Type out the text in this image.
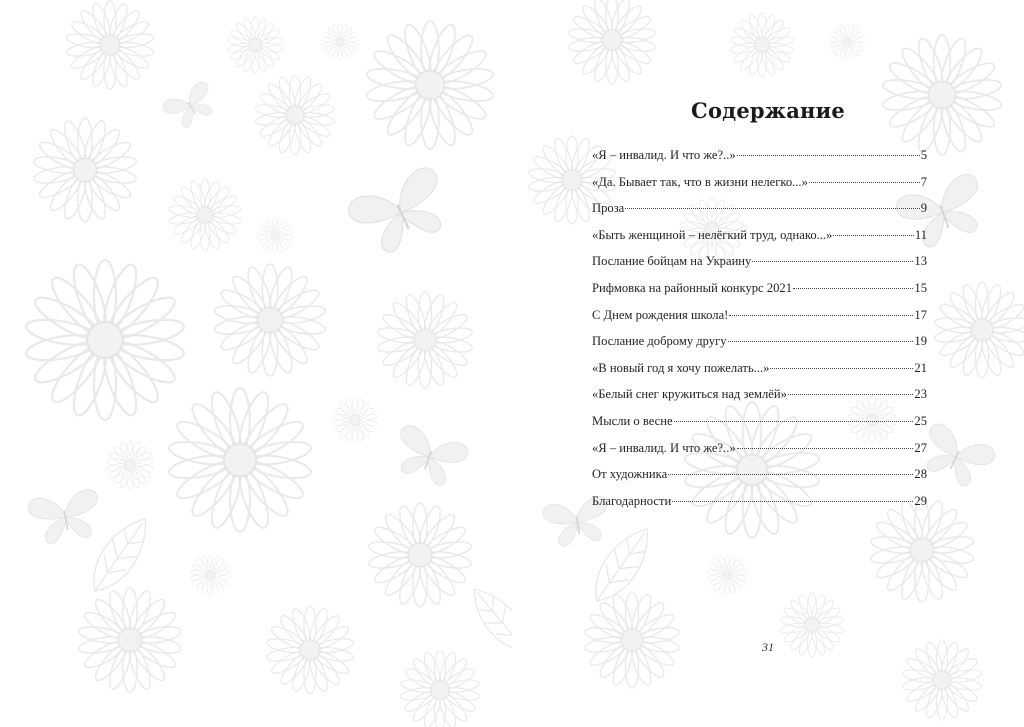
Содержание
«Я – инвалид. И что же?..»	5
«Да. Бывает так, что в жизни нелегко...»	7
Проза	9
«Быть женщиной – нелёгкий труд, однако...»	11
Послание бойцам на Украину	13
Рифмовка на районный конкурс 2021	15
С Днем рождения школа!	17
Послание доброму другу	19
«В новый год я хочу пожелать...»	21
«Белый снег кружиться над землёй»	23
Мысли о весне	25
«Я – инвалид. И что же?..»	27
От художника	28
Благодарности	29
31
